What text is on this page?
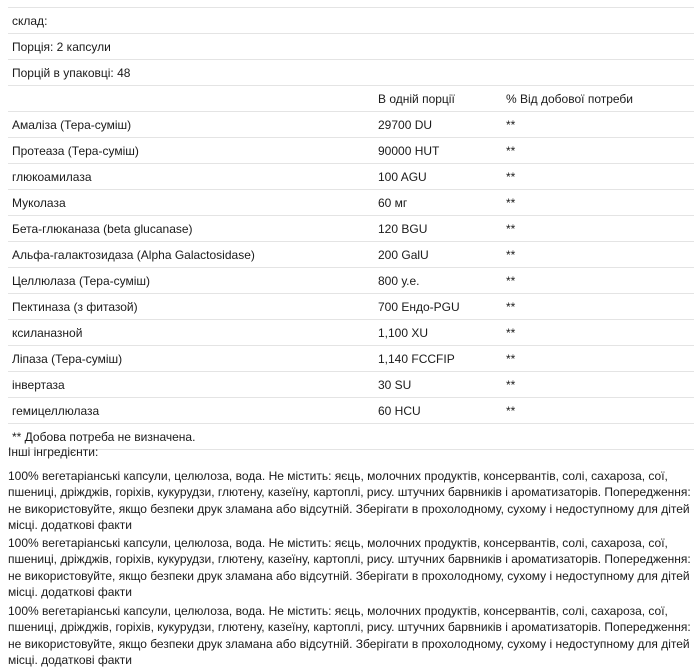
склад:		
Порція: 2 капсули		
Порцій в упаковці: 48		
	В одній порції	% Від добової потреби
Амаліза (Тера-суміш)	29700 DU	**
Протеаза (Тера-суміш)	90000 HUT	**
глюкоамилаза	100 AGU	**
Муколаза	60 мг	**
Бета-глюканаза (beta glucanase)	120 BGU	**
Альфа-галактозидаза (Alpha Galactosidase)	200 GalU	**
Целлюлаза (Тера-суміш)	800 у.е.	**
Пектиназа (з фитазой)	700 Ендо-PGU	**
ксиланазной	1,100 XU	**
Ліпаза (Тера-суміш)	1,140 FCCFIP	**
інвертаза	30 SU	**
гемицеллюлаза	60 HCU	**
** Добова потреба не визначена.		

Інші інгредієнти:

100% вегетаріанські капсули, целюлоза, вода. Не містить: яєць, молочних продуктів, консервантів, солі, сахароза, сої, пшениці, дріжджів, горіхів, кукурудзи, глютену, казеїну, картоплі, рису. штучних барвників і ароматизаторів. Попередження: не використовуйте, якщо безпеки друк зламана або відсутній. Зберігати в прохолодному, сухому і недоступному для дітей місці. додаткові факти

100% вегетаріанські капсули, целюлоза, вода. Не містить: яєць, молочних продуктів, консервантів, солі, сахароза, сої, пшениці, дріжджів, горіхів, кукурудзи, глютену, казеїну, картоплі, рису. штучних барвників і ароматизаторів. Попередження: не використовуйте, якщо безпеки друк зламана або відсутній. Зберігати в прохолодному, сухому і недоступному для дітей місці. додаткові факти

100% вегетаріанські капсули, целюлоза, вода. Не містить: яєць, молочних продуктів, консервантів, солі, сахароза, сої, пшениці, дріжджів, горіхів, кукурудзи, глютену, казеїну, картоплі, рису. штучних барвників і ароматизаторів. Попередження: не використовуйте, якщо безпеки друк зламана або відсутній. Зберігати в прохолодному, сухому і недоступному для дітей місці. додаткові факти
